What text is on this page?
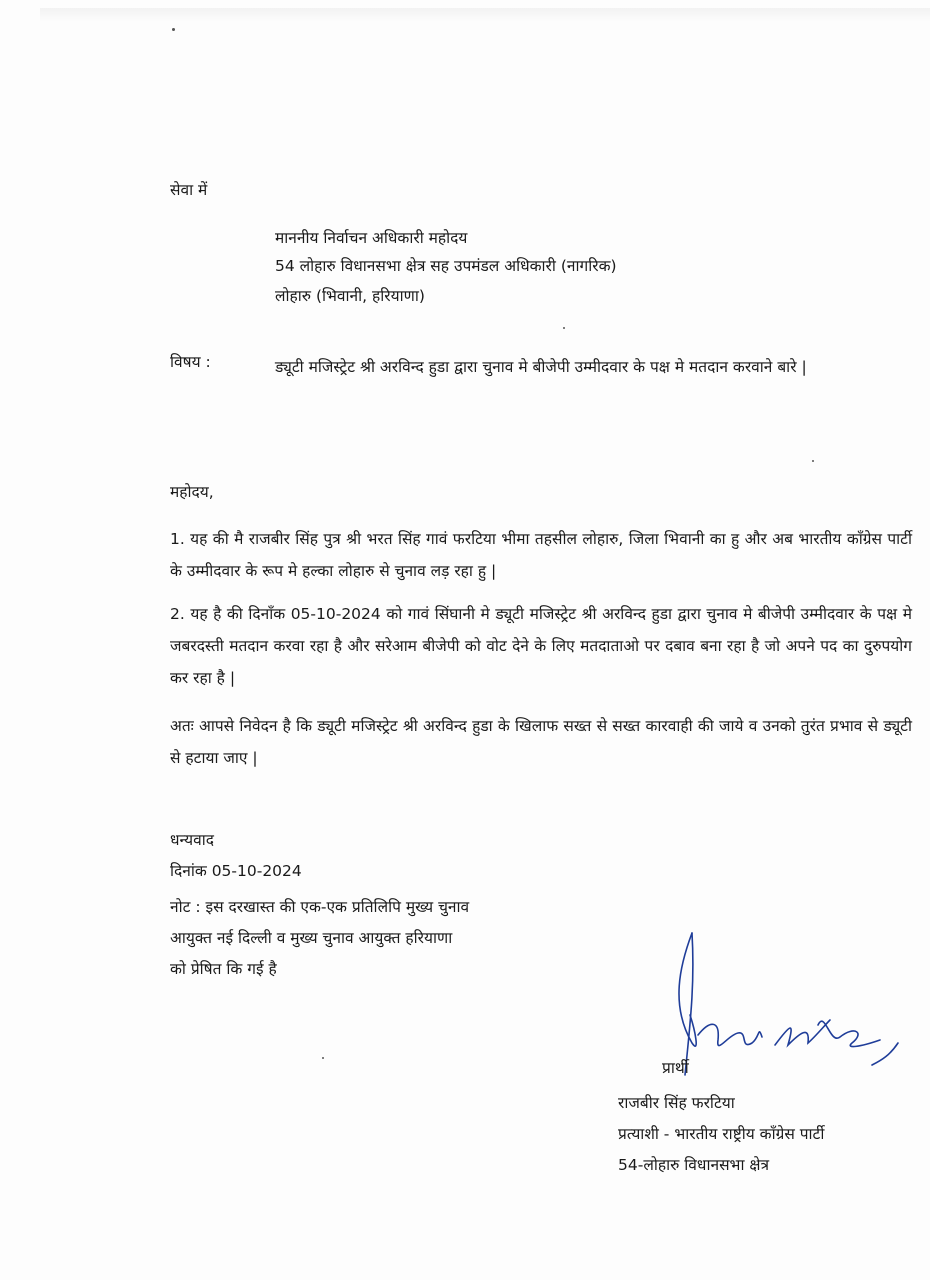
सेवा में
माननीय निर्वाचन अधिकारी महोदय
54 लोहारु विधानसभा क्षेत्र सह उपमंडल अधिकारी (नागरिक)
लोहारु (भिवानी, हरियाणा)
विषय :	ड्यूटी मजिस्ट्रेट श्री अरविन्द हुडा द्वारा चुनाव मे बीजेपी उम्मीदवार के पक्ष मे मतदान करवाने बारे |
महोदय,
1. यह की मै राजबीर सिंह पुत्र श्री भरत सिंह गावं फरटिया भीमा तहसील लोहारु, जिला भिवानी का हु और अब भारतीय काँग्रेस पार्टी के उम्मीदवार के रूप मे हल्का लोहारु से चुनाव लड़ रहा हु |
2. यह है की दिनाँक 05-10-2024 को गावं सिंघानी मे ड्यूटी मजिस्ट्रेट श्री अरविन्द हुडा द्वारा चुनाव मे बीजेपी उम्मीदवार के पक्ष मे जबरदस्ती मतदान करवा रहा है और सरेआम बीजेपी को वोट देने के लिए मतदाताओ पर दबाव बना रहा है जो अपने पद का दुरुपयोग कर रहा है |
अतः आपसे निवेदन है कि ड्यूटी मजिस्ट्रेट श्री अरविन्द हुडा के खिलाफ सख्त से सख्त कारवाही की जाये व उनको तुरंत प्रभाव से ड्यूटी से हटाया जाए |
धन्यवाद
दिनांक 05-10-2024
नोट : इस दरखास्त की एक-एक प्रतिलिपि मुख्य चुनाव आयुक्त नई दिल्ली व मुख्य चुनाव आयुक्त हरियाणा को प्रेषित कि गई है
प्रार्थी
राजबीर सिंह फरटिया
प्रत्याशी - भारतीय राष्ट्रीय काँग्रेस पार्टी
54-लोहारु विधानसभा क्षेत्र
